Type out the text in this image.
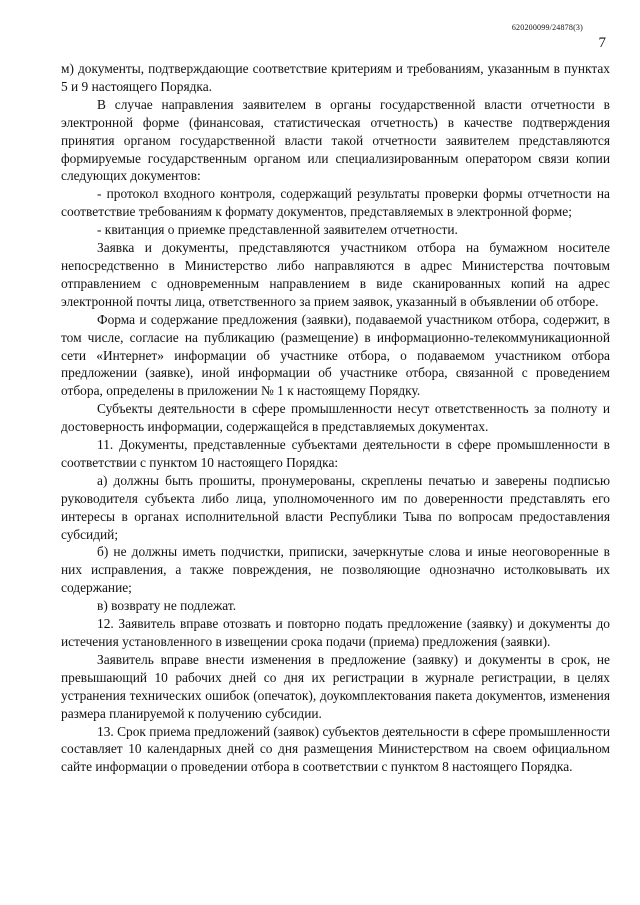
620200099/24878(3)
7

м) документы, подтверждающие соответствие критериям и требованиям, указанным в пунктах 5 и 9 настоящего Порядка.

В случае направления заявителем в органы государственной власти отчетности в электронной форме (финансовая, статистическая отчетность) в качестве подтверждения принятия органом государственной власти такой отчетности заявителем представляются формируемые государственным органом или специализированным оператором связи копии следующих документов:

- протокол входного контроля, содержащий результаты проверки формы отчетности на соответствие требованиям к формату документов, представляемых в электронной форме;

- квитанция о приемке представленной заявителем отчетности.

Заявка и документы, представляются участником отбора на бумажном носителе непосредственно в Министерство либо направляются в адрес Министерства почтовым отправлением с одновременным направлением в виде сканированных копий на адрес электронной почты лица, ответственного за прием заявок, указанный в объявлении об отборе.

Форма и содержание предложения (заявки), подаваемой участником отбора, содержит, в том числе, согласие на публикацию (размещение) в информационно-телекоммуникационной сети «Интернет» информации об участнике отбора, о подаваемом участником отбора предложении (заявке), иной информации об участнике отбора, связанной с проведением отбора, определены в приложении № 1 к настоящему Порядку.

Субъекты деятельности в сфере промышленности несут ответственность за полноту и достоверность информации, содержащейся в представляемых документах.

11. Документы, представленные субъектами деятельности в сфере промышленности в соответствии с пунктом 10 настоящего Порядка:

а) должны быть прошиты, пронумерованы, скреплены печатью и заверены подписью руководителя субъекта либо лица, уполномоченного им по доверенности представлять его интересы в органах исполнительной власти Республики Тыва по вопросам предоставления субсидий;

б) не должны иметь подчистки, приписки, зачеркнутые слова и иные неоговоренные в них исправления, а также повреждения, не позволяющие однозначно истолковывать их содержание;

в) возврату не подлежат.

12. Заявитель вправе отозвать и повторно подать предложение (заявку) и документы до истечения установленного в извещении срока подачи (приема) предложения (заявки).

Заявитель вправе внести изменения в предложение (заявку) и документы в срок, не превышающий 10 рабочих дней со дня их регистрации в журнале регистрации, в целях устранения технических ошибок (опечаток), доукомплектования пакета документов, изменения размера планируемой к получению субсидии.

13. Срок приема предложений (заявок) субъектов деятельности в сфере промышленности составляет 10 календарных дней со дня размещения Министерством на своем официальном сайте информации о проведении отбора в соответствии с пунктом 8 настоящего Порядка.
